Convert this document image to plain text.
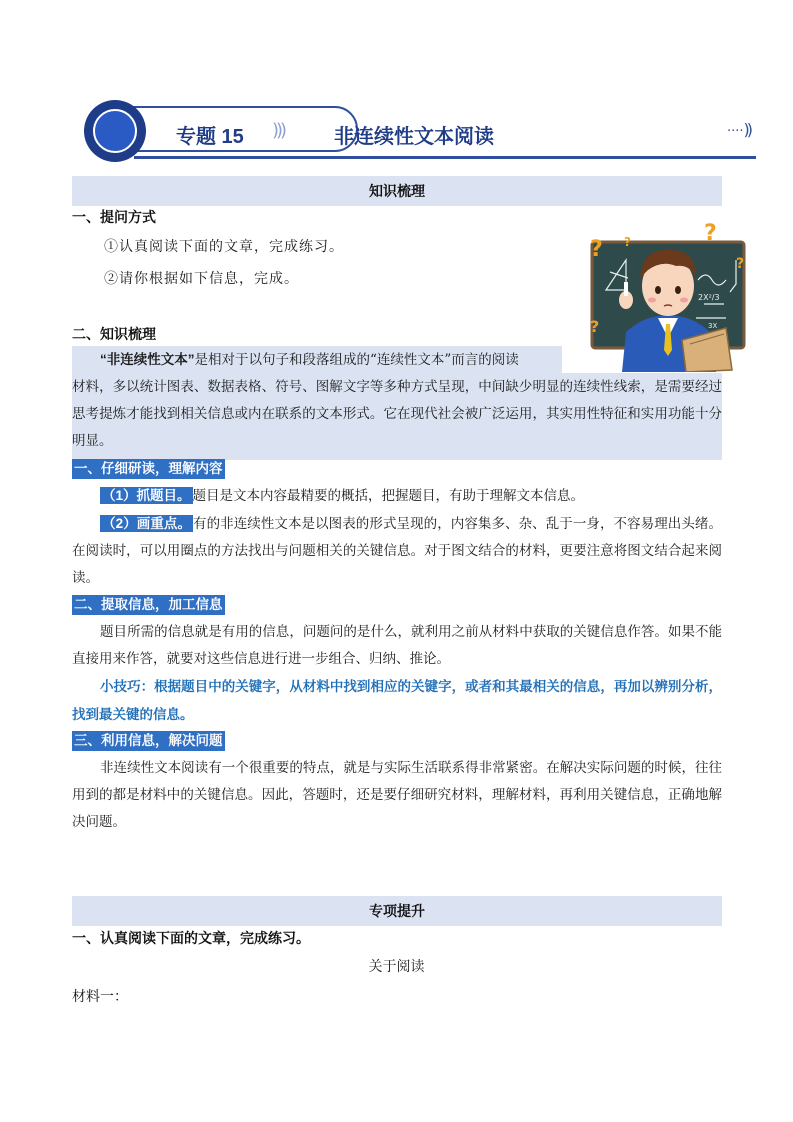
专题 15 ))) 非连续性文本阅读	····))
知识梳理
一、提问方式
①认真阅读下面的文章，完成练习。
②请你根据如下信息，完成。
2X²/3
3X
? ?	?
?
?
二、知识梳理
“非连续性文本”是相对于以句子和段落组成的“连续性文本”而言的阅读
材料，多以统计图表、数据表格、符号、图解文字等多种方式呈现，中间缺少明显的连续性线索，是需要经过思考提炼才能找到相关信息或内在联系的文本形式。它在现代社会被广泛运用，其实用性特征和实用功能十分明显。
一、仔细研读，理解内容
（1）抓题目。 题目是文本内容最精要的概括，把握题目，有助于理解文本信息。
（2）画重点。 有的非连续性文本是以图表的形式呈现的，内容集多、杂、乱于一身，不容易理出头绪。在阅读时，可以用圈点的方法找出与问题相关的关键信息。对于图文结合的材料，更要注意将图文结合起来阅读。
二、提取信息，加工信息
题目所需的信息就是有用的信息，问题问的是什么，就利用之前从材料中获取的关键信息作答。如果不能直接用来作答，就要对这些信息进行进一步组合、归纳、推论。
小技巧：根据题目中的关键字，从材料中找到相应的关键字，或者和其最相关的信息，再加以辨别分析，找到最关键的信息。
三、利用信息，解决问题
非连续性文本阅读有一个很重要的特点，就是与实际生活联系得非常紧密。在解决实际问题的时候，往往用到的都是材料中的关键信息。因此，答题时，还是要仔细研究材料，理解材料，再利用关键信息，正确地解决问题。
专项提升
一、认真阅读下面的文章，完成练习。
关于阅读
材料一：
